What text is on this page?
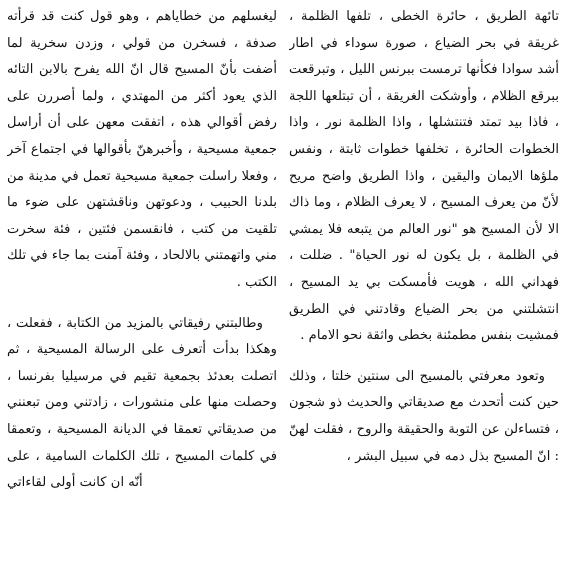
تائهة الطريق ، حائرة الخطى ، تلفها الظلمة ، غريقة في بحر الضياع ، صورة سوداء في اطار أشد سوادا فكأنها ترمست ببرنس الليل ، وتبرقعت ببرقع الظلام ، وأوشكت الغريقة ، أن تبتلعها اللجة ، فاذا بيد تمتد فتنتشلها ، واذا الظلمة نور ، واذا الخطوات الحائرة ، تخلفها خطوات ثابتة ، ونفس ملؤها الايمان واليقين ، واذا الطريق واضح مريح لأنّ من يعرف المسيح ، لا يعرف الظلام ، وما ذاك الا لأن المسيح هو "نور العالم من يتبعه فلا يمشي في الظلمة ، بل يكون له نور الحياة" . ضللت ، فهداني الله ، هويت فأمسكت بي يد المسيح ، انتشلتني من بحر الضياع وقادتني في الطريق فمشيت بنفس مطمئنة بخطى واثقة نحو الامام .

وتعود معرفتي بالمسيح الى سنتين خلتا ، وذلك حين كنت أتحدث مع صديقاتي والحديث ذو شجون ، فتساءلن عن التوبة والحقيقة والروح ، فقلت لهنّ : انّ المسيح بذل دمه في سبيل البشر ،

ليغسلهم من خطاياهم ، وهو قول كنت قد قرأته صدفة ، فسخرن من قولي ، وزدن سخرية لما أضفت بأنّ المسيح قال انّ الله يفرح بالابن التائه الذي يعود أكثر من المهتدي ، ولما أصررن على رفض أقوالي هذه ، اتفقت معهن على أن أراسل جمعية مسيحية ، وأخبرهنّ بأقوالها في اجتماع آخر ، وفعلا راسلت جمعية مسيحية تعمل في مدينة من بلدنا الحبيب ، ودعوتهن وناقشتهن على ضوء ما تلقيت من كتب ، فانقسمن فئتين ، فئة سخرت مني واتهمتني بالالحاد ، وفئة آمنت بما جاء في تلك الكتب .

وطالبتني رفيقاتي بالمزيد من الكتابة ، ففعلت ، وهكذا بدأت أتعرف على الرسالة المسيحية ، ثم اتصلت بعدئذ بجمعية تقيم في مرسيليا بفرنسا ، وحصلت منها على منشورات ، زادتني ومن تبعنني من صديقاتي تعمقا في الديانة المسيحية ، وتعمقا في كلمات المسيح ، تلك الكلمات السامية ، على أنّه ان كانت أولى لقاءاتي
